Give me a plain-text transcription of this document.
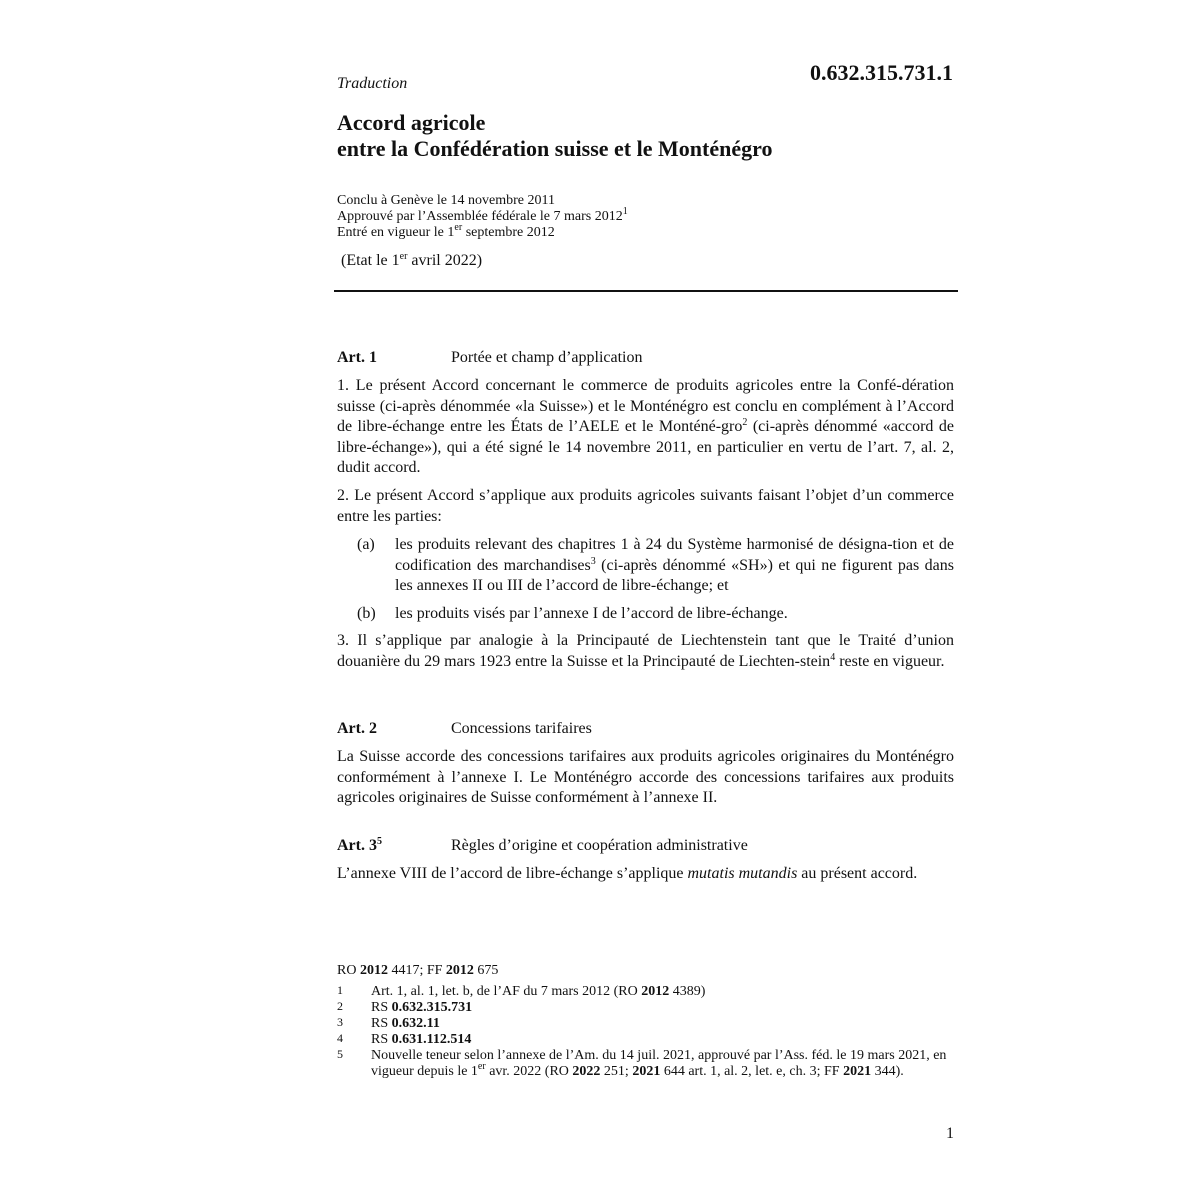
0.632.315.731.1
Traduction
Accord agricole
entre la Confédération suisse et le Monténégro
Conclu à Genève le 14 novembre 2011
Approuvé par l’Assemblée fédérale le 7 mars 2012$^1$
Entré en vigueur le 1er septembre 2012
(Etat le 1er avril 2022)
Art. 1	Portée et champ d’application
1. Le présent Accord concernant le commerce de produits agricoles entre la Confé-dération suisse (ci-après dénommée «la Suisse») et le Monténégro est conclu en complément à l’Accord de libre-échange entre les États de l’AELE et le Monténé-gro$^2$ (ci-après dénommé «accord de libre-échange»), qui a été signé le 14 novembre 2011, en particulier en vertu de l’art. 7, al. 2, dudit accord.
2. Le présent Accord s’applique aux produits agricoles suivants faisant l’objet d’un commerce entre les parties:
(a)	les produits relevant des chapitres 1 à 24 du Système harmonisé de désigna-tion et de codification des marchandises$^3$ (ci-après dénommé «SH») et qui ne figurent pas dans les annexes II ou III de l’accord de libre-échange; et
(b)	les produits visés par l’annexe I de l’accord de libre-échange.
3. Il s’applique par analogie à la Principauté de Liechtenstein tant que le Traité d’union douanière du 29 mars 1923 entre la Suisse et la Principauté de Liechten-stein$^4$ reste en vigueur.
Art. 2	Concessions tarifaires
La Suisse accorde des concessions tarifaires aux produits agricoles originaires du Monténégro conformément à l’annexe I. Le Monténégro accorde des concessions tarifaires aux produits agricoles originaires de Suisse conformément à l’annexe II.
Art. $3^5$	Règles d’origine et coopération administrative
L’annexe VIII de l’accord de libre-échange s’applique mutatis mutandis au présent accord.
RO 2012 4417; FF 2012 675
1 Art. 1, al. 1, let. b, de l’AF du 7 mars 2012 (RO 2012 4389)
2 RS 0.632.315.731
3 RS 0.632.11
4 RS 0.631.112.514
5 Nouvelle teneur selon l’annexe de l’Am. du 14 juil. 2021, approuvé par l’Ass. féd. le 19 mars 2021, en vigueur depuis le 1er avr. 2022 (RO 2022 251; 2021 644 art. 1, al. 2, let. e, ch. 3; FF 2021 344).
1
